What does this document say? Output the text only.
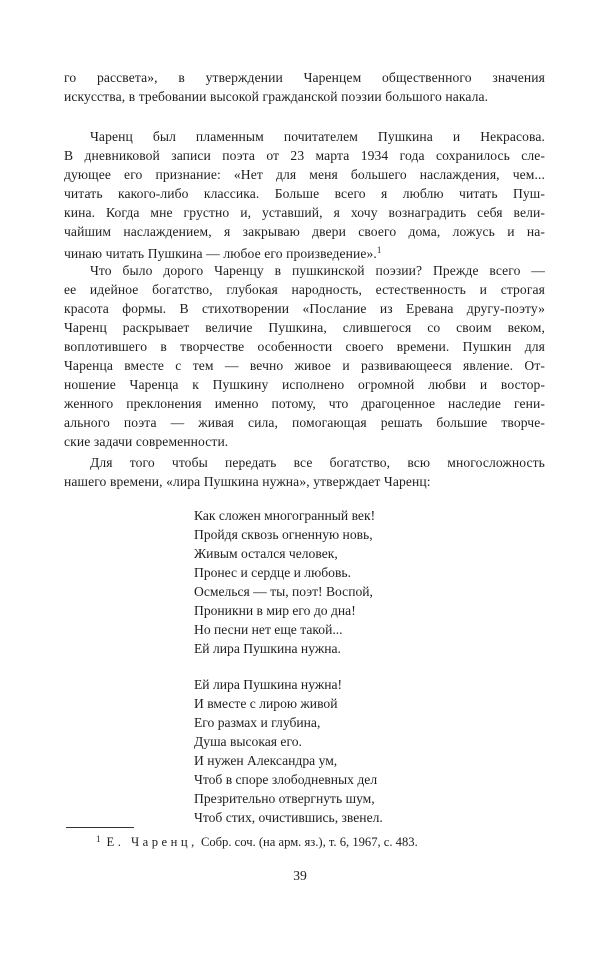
го рассвета», в утверждении Чаренцем общественного значения
искусства, в требовании высокой гражданской поэзии большого накала.
Чаренц был пламенным почитателем Пушкина и Некрасова.
В дневниковой записи поэта от 23 марта 1934 года сохранилось сле-
дующее его признание: «Нет для меня большего наслаждения, чем...
читать какого-либо классика. Больше всего я люблю читать Пуш-
кина. Когда мне грустно и, уставший, я хочу вознаградить себя вели-
чайшим наслаждением, я закрываю двери своего дома, ложусь и на-
чинаю читать Пушкина — любое его произведение».$^1$
Что было дорого Чаренцу в пушкинской поэзии? Прежде всего —
ее идейное богатство, глубокая народность, естественность и строгая
красота формы. В стихотворении «Послание из Еревана другу-поэту»
Чаренц раскрывает величие Пушкина, слившегося со своим веком,
воплотившего в творчестве особенности своего времени. Пушкин для
Чаренца вместе с тем — вечно живое и развивающееся явление. От-
ношение Чаренца к Пушкину исполнено огромной любви и востор-
женного преклонения именно потому, что драгоценное наследие гени-
ального поэта — живая сила, помогающая решать большие творче-
ские задачи современности.
Для того чтобы передать все богатство, всю многосложность
нашего времени, «лира Пушкина нужна», утверждает Чаренц:
Как сложен многогранный век!
Пройдя сквозь огненную новь,
Живым остался человек,
Пронес и сердце и любовь.
Осмелься — ты, поэт! Воспой,
Проникни в мир его до дна!
Но песни нет еще такой...
Ей лира Пушкина нужна.
Ей лира Пушкина нужна!
И вместе с лирою живой
Его размах и глубина,
Душа высокая его.
И нужен Александра ум,
Чтоб в споре злободневных дел
Презрительно отвергнуть шум,
Чтоб стих, очистившись, звенел.
$^1$ Е. Чаренц, Собр. соч. (на арм. яз.), т. 6, 1967, с. 483.
39
